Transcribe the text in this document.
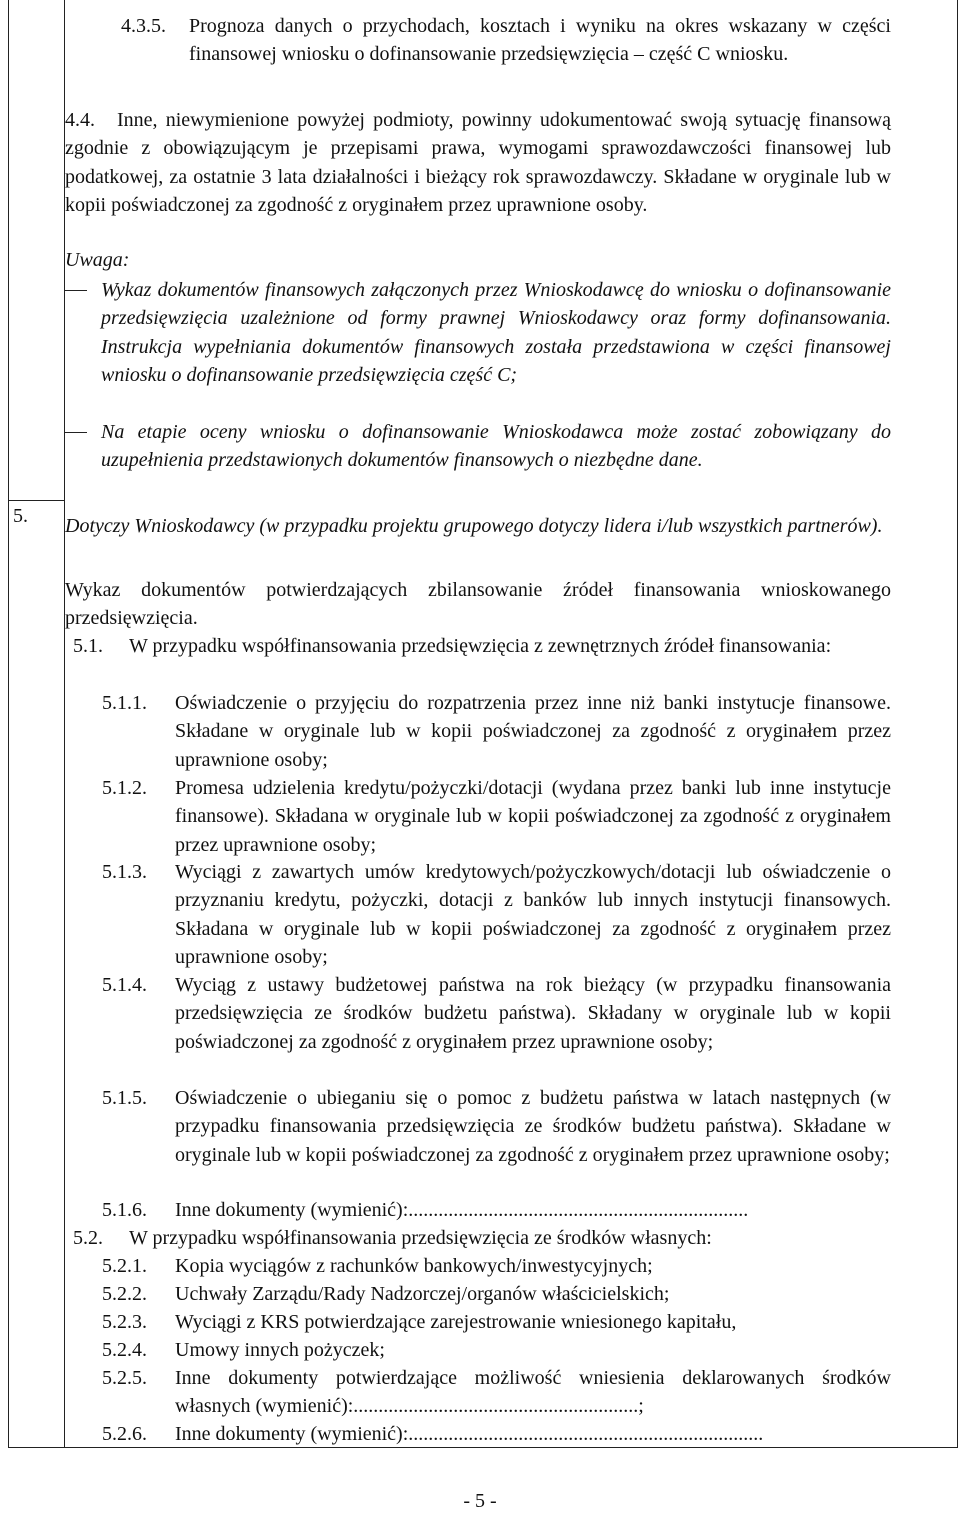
5.
4.3.5. Prognoza danych o przychodach, kosztach i wyniku na okres wskazany w części finansowej wniosku o dofinansowanie przedsięwzięcia – część C wniosku.
4.4.	Inne, niewymienione powyżej podmioty, powinny udokumentować swoją sytuację finansową zgodnie z obowiązującym je przepisami prawa, wymogami sprawozdawczości finansowej lub podatkowej, za ostatnie 3 lata działalności i bieżący rok sprawozdawczy. Składane w oryginale lub w kopii poświadczonej za zgodność z oryginałem przez uprawnione osoby.
Uwaga:
Wykaz dokumentów finansowych załączonych przez Wnioskodawcę do wniosku o dofinansowanie przedsięwzięcia uzależnione od formy prawnej Wnioskodawcy oraz formy dofinansowania. Instrukcja wypełniania dokumentów finansowych została przedstawiona w części finansowej wniosku o dofinansowanie przedsięwzięcia część C;
Na etapie oceny wniosku o dofinansowanie Wnioskodawca może zostać zobowiązany do uzupełnienia przedstawionych dokumentów finansowych o niezbędne dane.
Dotyczy Wnioskodawcy (w przypadku projektu grupowego dotyczy lidera i/lub wszystkich partnerów).
Wykaz dokumentów potwierdzających zbilansowanie źródeł finansowania wnioskowanego przedsięwzięcia.
5.1. W przypadku współfinansowania przedsięwzięcia z zewnętrznych źródeł finansowania:
5.1.1. Oświadczenie o przyjęciu do rozpatrzenia przez inne niż banki instytucje finansowe. Składane w oryginale lub w kopii poświadczonej za zgodność z oryginałem przez uprawnione osoby;
5.1.2. Promesa udzielenia kredytu/pożyczki/dotacji (wydana przez banki lub inne instytucje finansowe). Składana w oryginale lub w kopii poświadczonej za zgodność z oryginałem przez uprawnione osoby;
5.1.3. Wyciągi z zawartych umów kredytowych/pożyczkowych/dotacji lub oświadczenie o przyznaniu kredytu, pożyczki, dotacji z banków lub innych instytucji finansowych. Składana w oryginale lub w kopii poświadczonej za zgodność z oryginałem przez uprawnione osoby;
5.1.4. Wyciąg z ustawy budżetowej państwa na rok bieżący (w przypadku finansowania przedsięwzięcia ze środków budżetu państwa). Składany w oryginale lub w kopii poświadczonej za zgodność z oryginałem przez uprawnione osoby;
5.1.5. Oświadczenie o ubieganiu się o pomoc z budżetu państwa w latach następnych (w przypadku finansowania przedsięwzięcia ze środków budżetu państwa). Składane w oryginale lub w kopii poświadczonej za zgodność z oryginałem przez uprawnione osoby;
5.1.6. Inne dokumenty (wymienić):....................................................................
5.2. W przypadku współfinansowania przedsięwzięcia ze środków własnych:
5.2.1. Kopia wyciągów z rachunków bankowych/inwestycyjnych;
5.2.2. Uchwały Zarządu/Rady Nadzorczej/organów właścicielskich;
5.2.3. Wyciągi z KRS potwierdzające zarejestrowanie wniesionego kapitału,
5.2.4. Umowy innych pożyczek;
5.2.5. Inne dokumenty potwierdzające możliwość wniesienia deklarowanych środków własnych (wymienić):.........................................................;
5.2.6. Inne dokumenty (wymienić):.......................................................................
- 5 -
